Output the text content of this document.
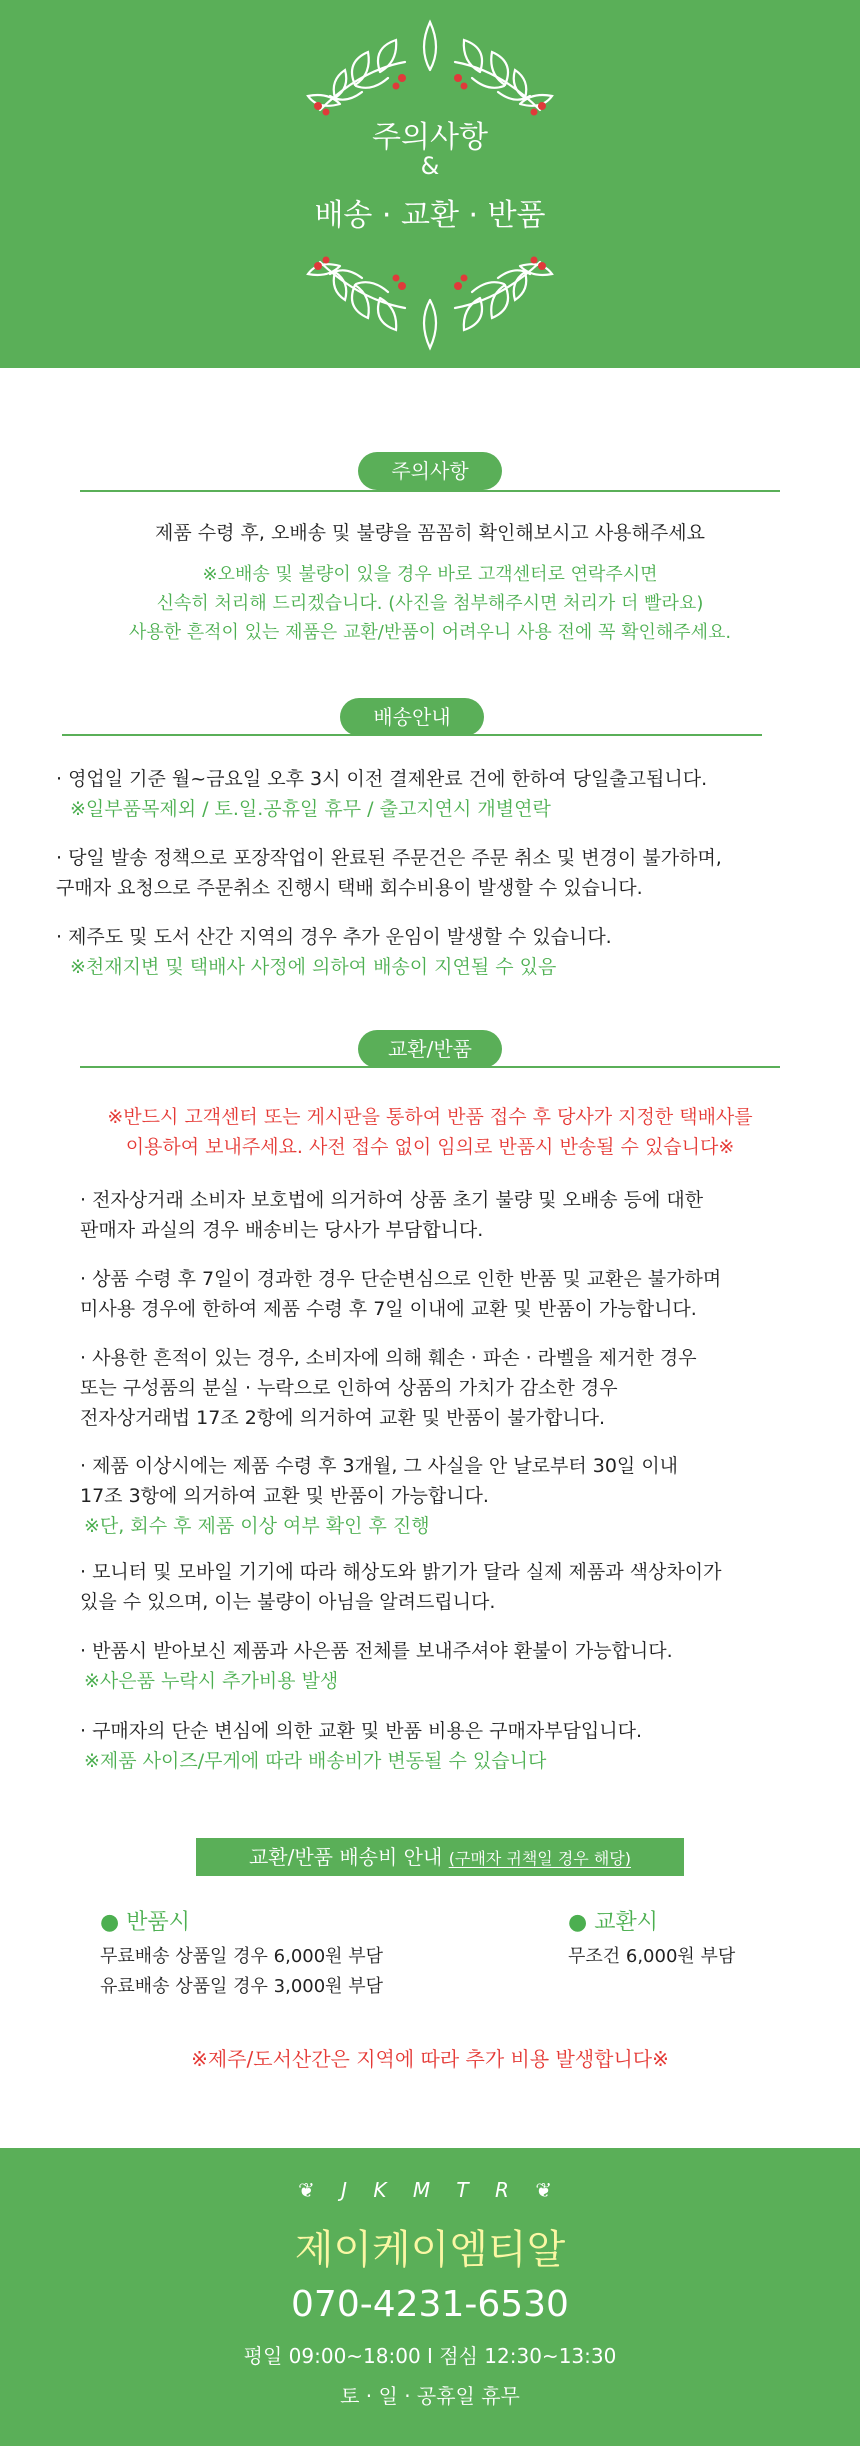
주의사항
&
배송 · 교환 · 반품
주의사항
제품 수령 후, 오배송 및 불량을 꼼꼼히 확인해보시고 사용해주세요
※오배송 및 불량이 있을 경우 바로 고객센터로 연락주시면
신속히 처리해 드리겠습니다. (사진을 첨부해주시면 처리가 더 빨라요)
사용한 흔적이 있는 제품은 교환/반품이 어려우니 사용 전에 꼭 확인해주세요.
배송안내
· 영업일 기준 월~금요일 오후 3시 이전 결제완료 건에 한하여 당일출고됩니다.
※일부품목제외 / 토.일.공휴일 휴무 / 출고지연시 개별연락
· 당일 발송 정책으로 포장작업이 완료된 주문건은 주문 취소 및 변경이 불가하며,
구매자 요청으로 주문취소 진행시 택배 회수비용이 발생할 수 있습니다.
· 제주도 및 도서 산간 지역의 경우 추가 운임이 발생할 수 있습니다.
※천재지변 및 택배사 사정에 의하여 배송이 지연될 수 있음
교환/반품
※반드시 고객센터 또는 게시판을 통하여 반품 접수 후 당사가 지정한 택배사를
이용하여 보내주세요. 사전 접수 없이 임의로 반품시 반송될 수 있습니다※
· 전자상거래 소비자 보호법에 의거하여 상품 초기 불량 및 오배송 등에 대한
판매자 과실의 경우 배송비는 당사가 부담합니다.
· 상품 수령 후 7일이 경과한 경우 단순변심으로 인한 반품 및 교환은 불가하며
미사용 경우에 한하여 제품 수령 후 7일 이내에 교환 및 반품이 가능합니다.
· 사용한 흔적이 있는 경우, 소비자에 의해 훼손 · 파손 · 라벨을 제거한 경우
또는 구성품의 분실 · 누락으로 인하여 상품의 가치가 감소한 경우
전자상거래법 17조 2항에 의거하여 교환 및 반품이 불가합니다.
· 제품 이상시에는 제품 수령 후 3개월, 그 사실을 안 날로부터 30일 이내
17조 3항에 의거하여 교환 및 반품이 가능합니다.
※단, 회수 후 제품 이상 여부 확인 후 진행
· 모니터 및 모바일 기기에 따라 해상도와 밝기가 달라 실제 제품과 색상차이가
있을 수 있으며, 이는 불량이 아님을 알려드립니다.
· 반품시 받아보신 제품과 사은품 전체를 보내주셔야 환불이 가능합니다.
※사은품 누락시 추가비용 발생
· 구매자의 단순 변심에 의한 교환 및 반품 비용은 구매자부담입니다.
※제품 사이즈/무게에 따라 배송비가 변동될 수 있습니다
교환/반품 배송비 안내 (구매자 귀책일 경우 해당)
● 반품시
무료배송 상품일 경우 6,000원 부담
유료배송 상품일 경우 3,000원 부담
● 교환시
무조건 6,000원 부담
※제주/도서산간은 지역에 따라 추가 비용 발생합니다※
❦ J K M T R ❦
제이케이엠티알
070-4231-6530
평일 09:00~18:00 I 점심 12:30~13:30
토 · 일 · 공휴일 휴무
